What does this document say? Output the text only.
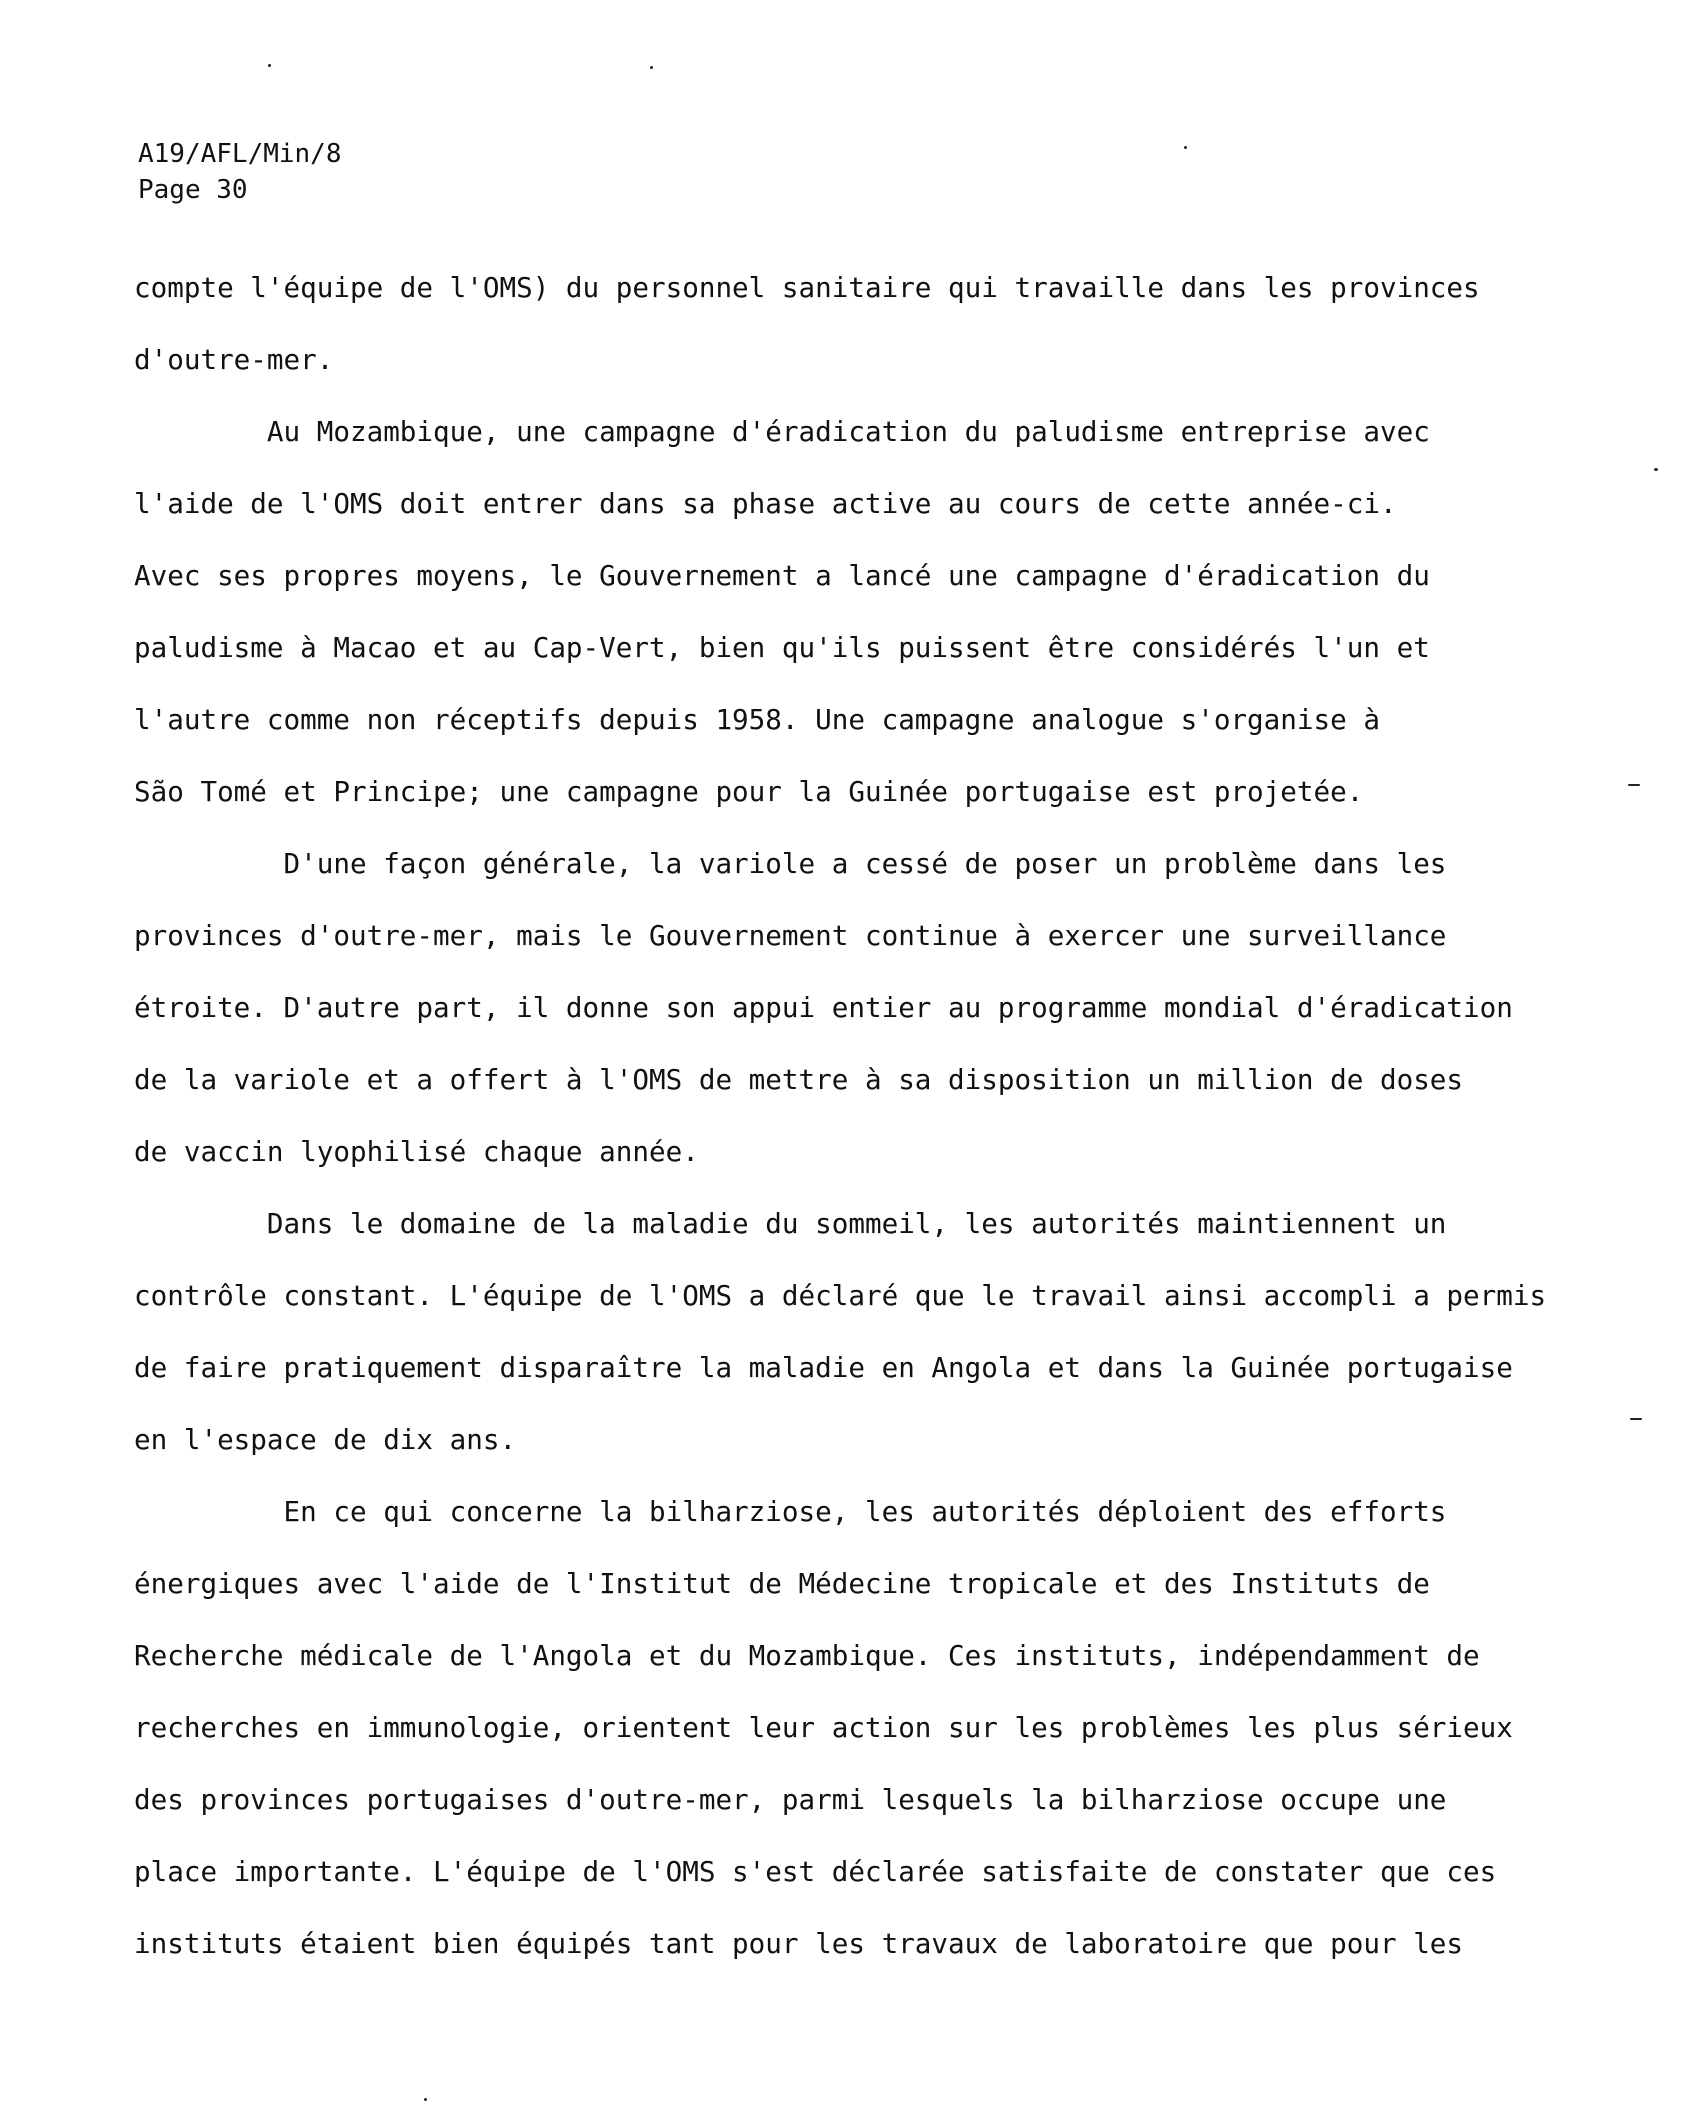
A19/AFL/Min/8
Page 30
compte l'équipe de l'OMS) du personnel sanitaire qui travaille dans les provinces
d'outre-mer.
Au Mozambique, une campagne d'éradication du paludisme entreprise avec
l'aide de l'OMS doit entrer dans sa phase active au cours de cette année-ci.
Avec ses propres moyens, le Gouvernement a lancé une campagne d'éradication du
paludisme à Macao et au Cap-Vert, bien qu'ils puissent être considérés l'un et
l'autre comme non réceptifs depuis 1958. Une campagne analogue s'organise à
São Tomé et Principe; une campagne pour la Guinée portugaise est projetée.
D'une façon générale, la variole a cessé de poser un problème dans les
provinces d'outre-mer, mais le Gouvernement continue à exercer une surveillance
étroite. D'autre part, il donne son appui entier au programme mondial d'éradication
de la variole et a offert à l'OMS de mettre à sa disposition un million de doses
de vaccin lyophilisé chaque année.
Dans le domaine de la maladie du sommeil, les autorités maintiennent un
contrôle constant. L'équipe de l'OMS a déclaré que le travail ainsi accompli a permis
de faire pratiquement disparaître la maladie en Angola et dans la Guinée portugaise
en l'espace de dix ans.
En ce qui concerne la bilharziose, les autorités déploient des efforts
énergiques avec l'aide de l'Institut de Médecine tropicale et des Instituts de
Recherche médicale de l'Angola et du Mozambique. Ces instituts, indépendamment de
recherches en immunologie, orientent leur action sur les problèmes les plus sérieux
des provinces portugaises d'outre-mer, parmi lesquels la bilharziose occupe une
place importante. L'équipe de l'OMS s'est déclarée satisfaite de constater que ces
instituts étaient bien équipés tant pour les travaux de laboratoire que pour les
